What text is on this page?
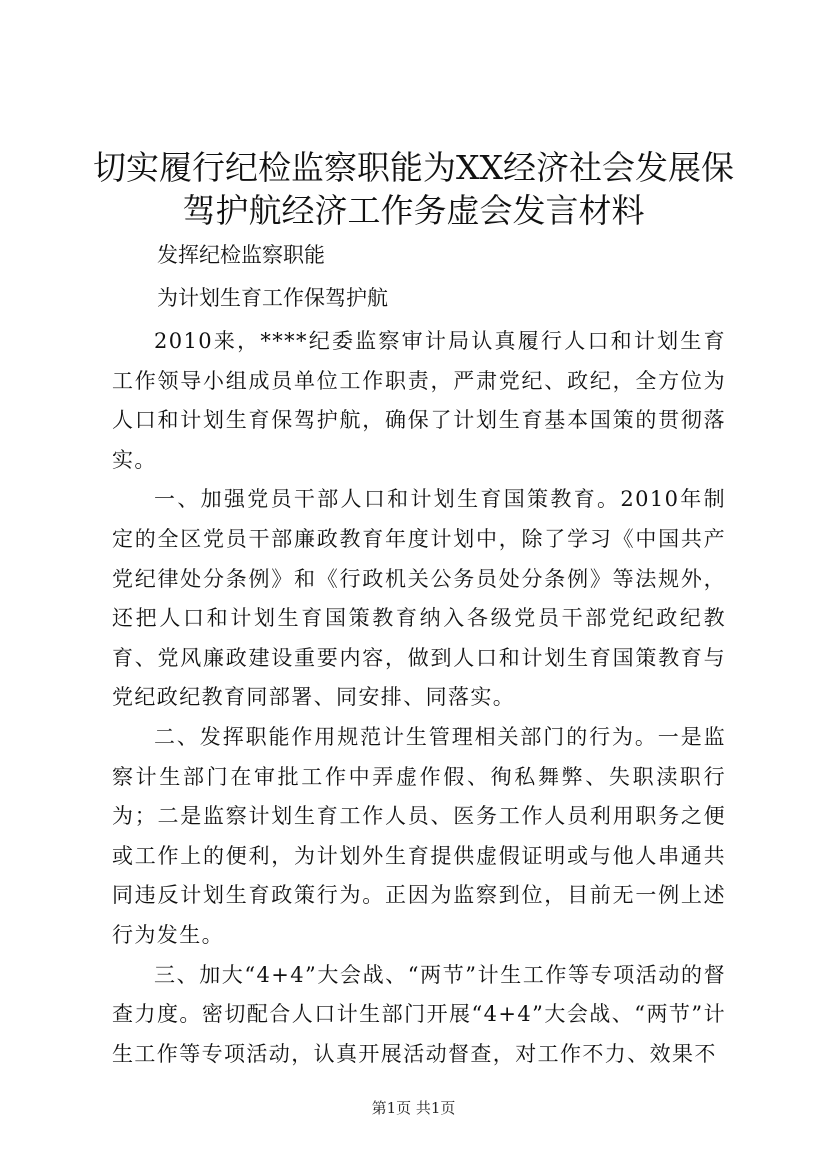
切实履行纪检监察职能为XX经济社会发展保
驾护航经济工作务虚会发言材料
发挥纪检监察职能
为计划生育工作保驾护航

2010来，****纪委监察审计局认真履行人口和计划生育工作领导小组成员单位工作职责，严肃党纪、政纪，全方位为人口和计划生育保驾护航，确保了计划生育基本国策的贯彻落实。

一、加强党员干部人口和计划生育国策教育。2010年制定的全区党员干部廉政教育年度计划中，除了学习《中国共产党纪律处分条例》和《行政机关公务员处分条例》等法规外，还把人口和计划生育国策教育纳入各级党员干部党纪政纪教育、党风廉政建设重要内容，做到人口和计划生育国策教育与党纪政纪教育同部署、同安排、同落实。

二、发挥职能作用规范计生管理相关部门的行为。一是监察计生部门在审批工作中弄虚作假、徇私舞弊、失职渎职行为；二是监察计划生育工作人员、医务工作人员利用职务之便或工作上的便利，为计划外生育提供虚假证明或与他人串通共同违反计划生育政策行为。正因为监察到位，目前无一例上述行为发生。

三、加大“4+4”大会战、“两节”计生工作等专项活动的督查力度。密切配合人口计生部门开展“4+4”大会战、“两节”计生工作等专项活动，认真开展活动督查，对工作不力、效果不

第1页 共1页
